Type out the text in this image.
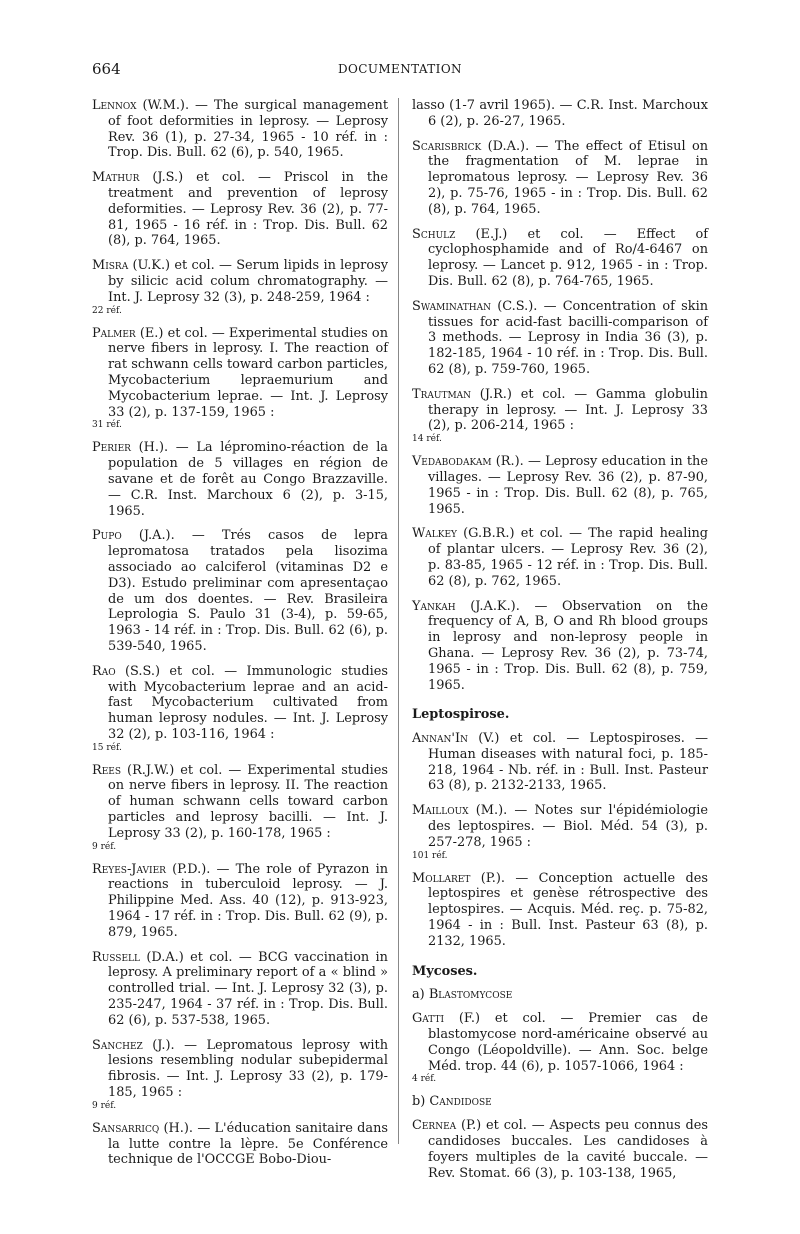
664	DOCUMENTATION
Lennox (W.M.). — The surgical management of foot deformities in leprosy. — Leprosy Rev. 36 (1), p. 27-34, 1965 - 10 réf. in : Trop. Dis. Bull. 62 (6), p. 540, 1965.
Mathur (J.S.) et col. — Priscol in the treatment and prevention of leprosy deformities. — Leprosy Rev. 36 (2), p. 77-81, 1965 - 16 réf. in : Trop. Dis. Bull. 62 (8), p. 764, 1965.
Misra (U.K.) et col. — Serum lipids in leprosy by silicic acid colum chromatography. — Int. J. Leprosy 32 (3), p. 248-259, 1964 :
22 réf.
Palmer (E.) et col. — Experimental studies on nerve fibers in leprosy. I. The reaction of rat schwann cells toward carbon particles, Mycobacterium lepraemurium and Mycobacterium leprae. — Int. J. Leprosy 33 (2), p. 137-159, 1965 :
31 réf.
Perier (H.). — La lépromino-réaction de la population de 5 villages en région de savane et de forêt au Congo Brazzaville. — C.R. Inst. Marchoux 6 (2), p. 3-15, 1965.
Pupo (J.A.). — Trés casos de lepra lepromatosa tratados pela lisozima associado ao calciferol (vitaminas D2 e D3). Estudo preliminar com apresentaçao de um dos doentes. — Rev. Brasileira Leprologia S. Paulo 31 (3-4), p. 59-65, 1963 - 14 réf. in : Trop. Dis. Bull. 62 (6), p. 539-540, 1965.
Rao (S.S.) et col. — Immunologic studies with Mycobacterium leprae and an acid-fast Mycobacterium cultivated from human leprosy nodules. — Int. J. Leprosy 32 (2), p. 103-116, 1964 :
15 réf.
Rees (R.J.W.) et col. — Experimental studies on nerve fibers in leprosy. II. The reaction of human schwann cells toward carbon particles and leprosy bacilli. — Int. J. Leprosy 33 (2), p. 160-178, 1965 :
9 réf.
Reyes-Javier (P.D.). — The role of Pyrazon in reactions in tuberculoid leprosy. — J. Philippine Med. Ass. 40 (12), p. 913-923, 1964 - 17 réf. in : Trop. Dis. Bull. 62 (9), p. 879, 1965.
Russell (D.A.) et col. — BCG vaccination in leprosy. A preliminary report of a « blind » controlled trial. — Int. J. Leprosy 32 (3), p. 235-247, 1964 - 37 réf. in : Trop. Dis. Bull. 62 (6), p. 537-538, 1965.
Sanchez (J.). — Lepromatous leprosy with lesions resembling nodular subepidermal fibrosis. — Int. J. Leprosy 33 (2), p. 179-185, 1965 :
9 réf.
Sansarricq (H.). — L'éducation sanitaire dans la lutte contre la lèpre. 5e Conférence technique de l'OCCGE Bobo-Diou-
lasso (1-7 avril 1965). — C.R. Inst. Marchoux 6 (2), p. 26-27, 1965.
Scarisbrick (D.A.). — The effect of Etisul on the fragmentation of M. leprae in lepromatous leprosy. — Leprosy Rev. 36 2), p. 75-76, 1965 - in : Trop. Dis. Bull. 62 (8), p. 764, 1965.
Schulz (E.J.) et col. — Effect of cyclophosphamide and of Ro/4-6467 on leprosy. — Lancet p. 912, 1965 - in : Trop. Dis. Bull. 62 (8), p. 764-765, 1965.
Swaminathan (C.S.). — Concentration of skin tissues for acid-fast bacilli-comparison of 3 methods. — Leprosy in India 36 (3), p. 182-185, 1964 - 10 réf. in : Trop. Dis. Bull. 62 (8), p. 759-760, 1965.
Trautman (J.R.) et col. — Gamma globulin therapy in leprosy. — Int. J. Leprosy 33 (2), p. 206-214, 1965 :
14 réf.
Vedabodakam (R.). — Leprosy education in the villages. — Leprosy Rev. 36 (2), p. 87-90, 1965 - in : Trop. Dis. Bull. 62 (8), p. 765, 1965.
Walkey (G.B.R.) et col. — The rapid healing of plantar ulcers. — Leprosy Rev. 36 (2), p. 83-85, 1965 - 12 réf. in : Trop. Dis. Bull. 62 (8), p. 762, 1965.
Yankah (J.A.K.). — Observation on the frequency of A, B, O and Rh blood groups in leprosy and non-leprosy people in Ghana. — Leprosy Rev. 36 (2), p. 73-74, 1965 - in : Trop. Dis. Bull. 62 (8), p. 759, 1965.
Leptospirose.
Annan'In (V.) et col. — Leptospiroses. — Human diseases with natural foci, p. 185-218, 1964 - Nb. réf. in : Bull. Inst. Pasteur 63 (8), p. 2132-2133, 1965.
Mailloux (M.). — Notes sur l'épidémiologie des leptospires. — Biol. Méd. 54 (3), p. 257-278, 1965 :
101 réf.
Mollaret (P.). — Conception actuelle des leptospires et genèse rétrospective des leptospires. — Acquis. Méd. reç. p. 75-82, 1964 - in : Bull. Inst. Pasteur 63 (8), p. 2132, 1965.
Mycoses.
a) Blastomycose
Gatti (F.) et col. — Premier cas de blastomycose nord-américaine observé au Congo (Léopoldville). — Ann. Soc. belge Méd. trop. 44 (6), p. 1057-1066, 1964 :
4 réf.
b) Candidose
Cernea (P.) et col. — Aspects peu connus des candidoses buccales. Les candidoses à foyers multiples de la cavité buccale. — Rev. Stomat. 66 (3), p. 103-138, 1965,
